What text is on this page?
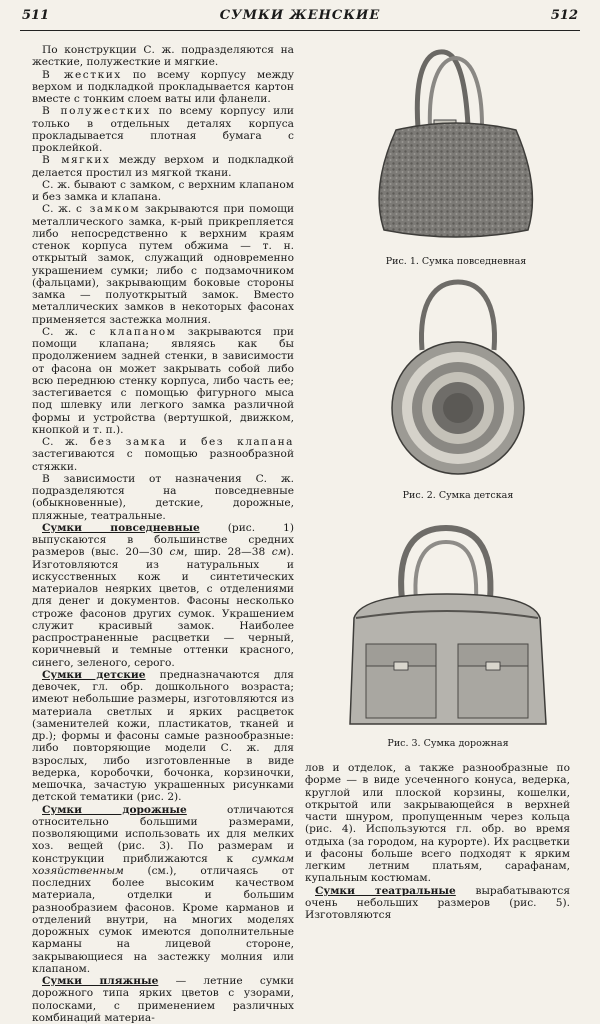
511	СУМКИ ЖЕНСКИЕ	512

По конструкции С. ж. подразделяются на жесткие, полужесткие и мягкие.

В жестких по всему корпусу между верхом и подкладкой прокладывается картон вместе с тонким слоем ваты или фланели.

В полужестких по всему корпусу или только в отдельных деталях корпуса прокладывается плотная бумага с проклейкой.

В мягких между верхом и подкладкой делается простил из мягкой ткани.

С. ж. бывают с замком, с верхним клапаном и без замка и клапана.

С. ж. с замком закрываются при помощи металлического замка, к-рый прикрепляется либо непосредственно к верхним краям стенок корпуса путем обжима — т. н. открытый замок, служащий одновременно украшением сумки; либо с подзамочником (фальцами), закрывающим боковые стороны замка — полуоткрытый замок. Вместо металлических замков в некоторых фасонах применяется застежка молния.

С. ж. с клапаном закрываются при помощи клапана; являясь как бы продолжением задней стенки, в зависимости от фасона он может закрывать собой либо всю переднюю стенку корпуса, либо часть ее; застегивается с помощью фигурного мыса под шлевку или легкого замка различной формы и устройства (вертушкой, движком, кнопкой и т. п.).

С. ж. без замка и без клапана застегиваются с помощью разнообразной стяжки.

В зависимости от назначения С. ж. подразделяются на повседневные (обыкновенные), детские, дорожные, пляжные, театральные.

Сумки повседневные (рис. 1) выпускаются в большинстве средних размеров (выс. 20—30 см, шир. 28—38 см). Изготовляются из натуральных и искусственных кож и синтетических материалов неярких цветов, с отделениями для денег и документов. Фасоны несколько строже фасонов других сумок. Украшением служит красивый замок. Наиболее распространенные расцветки — черный, коричневый и темные оттенки красного, синего, зеленого, серого.

Сумки детские предназначаются для девочек, гл. обр. дошкольного возраста; имеют небольшие размеры, изготовляются из материала светлых и ярких расцветок (заменителей кожи, пластикатов, тканей и др.); формы и фасоны самые разнообразные: либо повторяющие модели С. ж. для взрослых, либо изготовленные в виде ведерка, коробочки, бочонка, корзиночки, мешочка, зачастую украшенных рисунками детской тематики (рис. 2).

Сумки дорожные отличаются относительно большими размерами, позволяющими использовать их для мелких хоз. вещей (рис. 3). По размерам и конструкции приближаются к сумкам хозяйственным (см.), отличаясь от последних более высоким качеством материала, отделки и большим разнообразием фасонов. Кроме карманов и отделений внутри, на многих моделях дорожных сумок имеются дополнительные карманы на лицевой стороне, закрывающиеся на застежку молния или клапаном.

Сумки пляжные — летние сумки дорожного типа ярких цветов с узорами, полосками, с применением различных комбинаций материа-

Рис. 1. Сумка повседневная
Рис. 2. Сумка детская
Рис. 3. Сумка дорожная

лов и отделок, а также разнообразные по форме — в виде усеченного конуса, ведерка, круглой или плоской корзины, кошелки, открытой или закрывающейся в верхней части шнуром, пропущенным через кольца (рис. 4). Используются гл. обр. во время отдыха (за городом, на курорте). Их расцветки и фасоны больше всего подходят к ярким легким летним платьям, сарафанам, купальным костюмам.

Сумки театральные вырабатываются очень небольших размеров (рис. 5). Изготовляются
